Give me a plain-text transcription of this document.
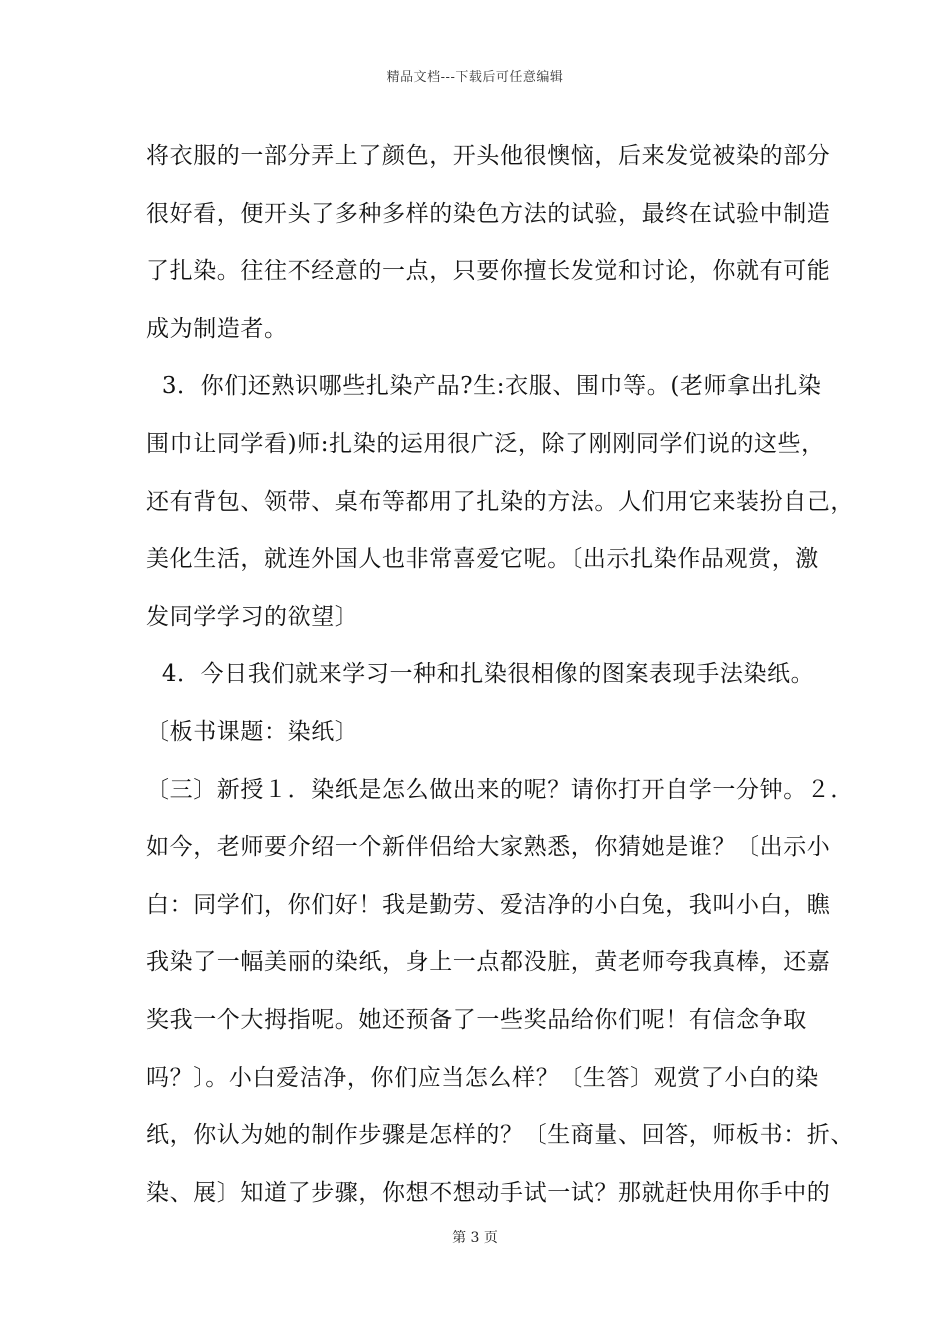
精品文档---下载后可任意编辑
将衣服的一部分弄上了颜色，开头他很懊恼，后来发觉被染的部分
很好看，便开头了多种多样的染色方法的试验，最终在试验中制造
了扎染。往往不经意的一点，只要你擅长发觉和讨论，你就有可能
成为制造者。
3．你们还熟识哪些扎染产品?生:衣服、围巾等。(老师拿出扎染
围巾让同学看)师:扎染的运用很广泛，除了刚刚同学们说的这些，
还有背包、领带、桌布等都用了扎染的方法。人们用它来装扮自己，
美化生活，就连外国人也非常喜爱它呢。〔出示扎染作品观赏，激
发同学学习的欲望〕
4．今日我们就来学习一种和扎染很相像的图案表现手法染纸。
〔板书课题：染纸〕
〔三〕新授１．染纸是怎么做出来的呢？请你打开自学一分钟。２．
如今，老师要介绍一个新伴侣给大家熟悉，你猜她是谁？〔出示小
白：同学们，你们好！我是勤劳、爱洁净的小白兔，我叫小白，瞧
我染了一幅美丽的染纸，身上一点都没脏，黄老师夸我真棒，还嘉
奖我一个大拇指呢。她还预备了一些奖品给你们呢！有信念争取
吗？〕。小白爱洁净，你们应当怎么样？〔生答〕观赏了小白的染
纸，你认为她的制作步骤是怎样的？〔生商量、回答，师板书：折、
染、展〕知道了步骤，你想不想动手试一试？那就赶快用你手中的
第 3 页
